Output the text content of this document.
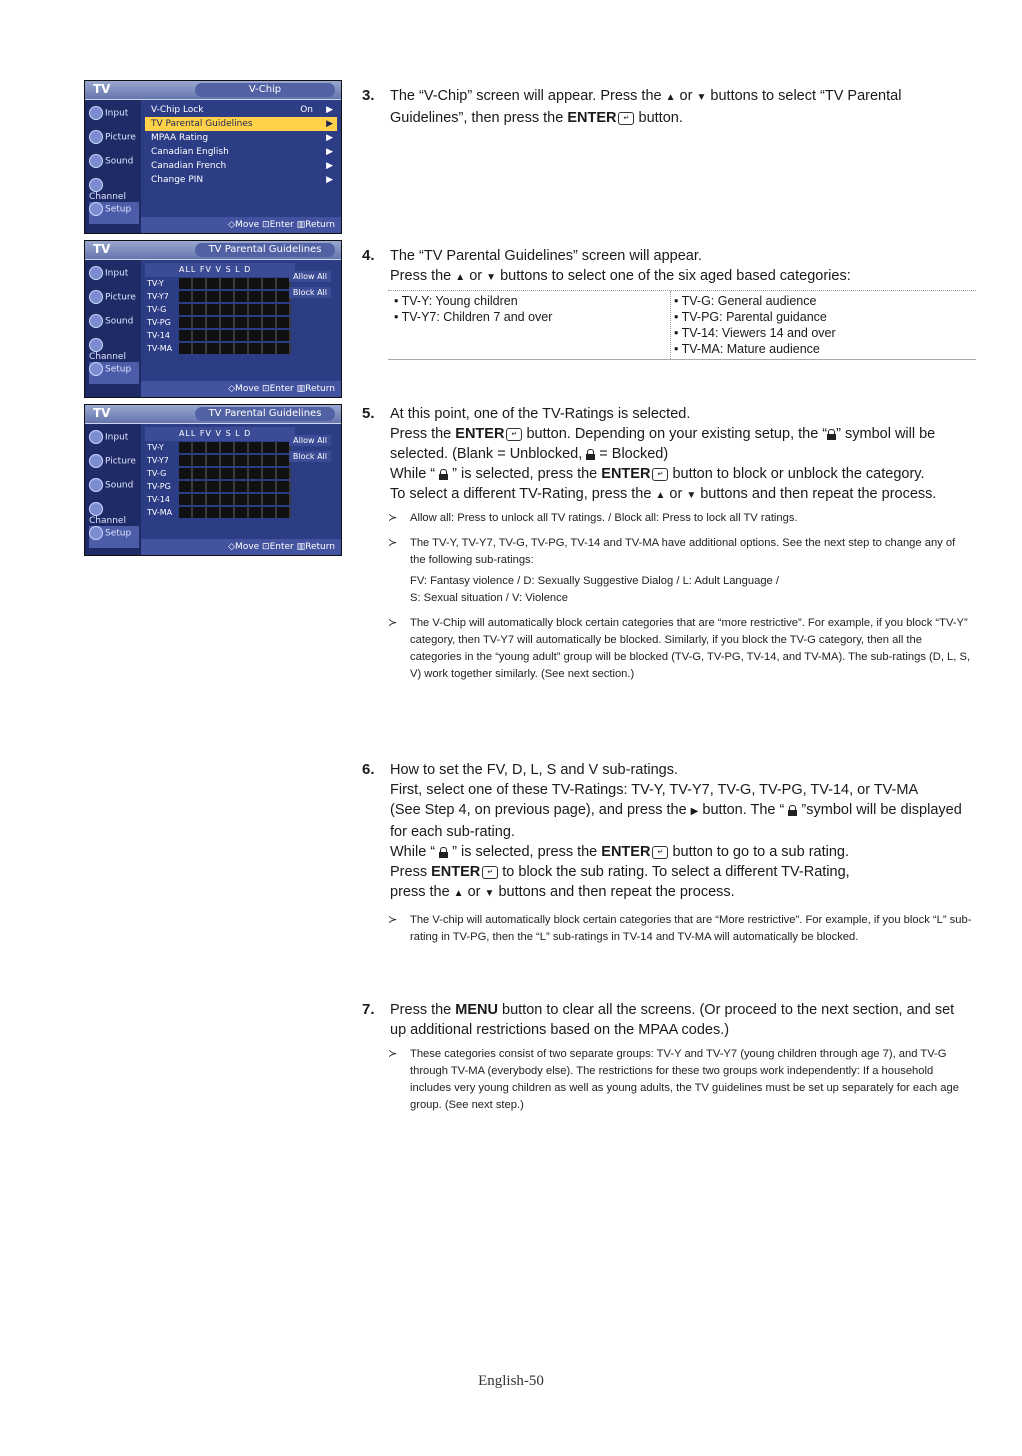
TV	V-Chip
Input
Picture
Sound
Channel
Setup
V-Chip Lock	On ▶
TV Parental Guidelines	▶
MPAA Rating	▶
Canadian English	▶
Canadian French	▶
Change PIN	▶
◇Move ⊡Enter ▥Return
TV	TV Parental Guidelines
Input
Picture
Sound
Channel
Setup
ALL FV V S L D
TV-Y
TV-Y7
TV-G
TV-PG
TV-14
TV-MA
Allow All
Block All
◇Move ⊡Enter ▥Return
TV	TV Parental Guidelines
Input
Picture
Sound
Channel
Setup
ALL FV V S L D
TV-Y
TV-Y7
TV-G
TV-PG
TV-14
TV-MA
Allow All
Block All
◇Move ⊡Enter ▥Return
3. The “V-Chip” screen will appear. Press the ▲ or ▼ buttons to select “TV Parental Guidelines”, then press the ENTER ↵ button.

4. The “TV Parental Guidelines” screen will appear.

Press the ▲ or ▼ buttons to select one of the six aged based categories:

• TV-Y: Young children
• TV-Y7: Children 7 and over
• TV-G: General audience
• TV-PG: Parental guidance
• TV-14: Viewers 14 and over
• TV-MA: Mature audience
5. At this point, one of the TV-Ratings is selected.

Press the ENTER ↵ button. Depending on your existing setup, the “ ” symbol will be selected. (Blank = Unblocked,  = Blocked)

While “  ” is selected, press the ENTER ↵ button to block or unblock the category.

To select a different TV-Rating, press the ▲ or ▼ buttons and then repeat the process.

≻ Allow all: Press to unlock all TV ratings. / Block all: Press to lock all TV ratings.
≻ The TV-Y, TV-Y7, TV-G, TV-PG, TV-14 and TV-MA have additional options. See the next step to change any of the following sub-ratings:
FV: Fantasy violence / D: Sexually Suggestive Dialog / L: Adult Language /
S: Sexual situation / V: Violence
≻ The V-Chip will automatically block certain categories that are “more restrictive”. For example, if you block “TV-Y” category, then TV-Y7 will automatically be blocked. Similarly, if you block the TV-G category, then all the categories in the “young adult” group will be blocked (TV-G, TV-PG, TV-14, and TV-MA). The sub-ratings (D, L, S, V) work together similarly. (See next section.)
6. How to set the FV, D, L, S and V sub-ratings.

First, select one of these TV-Ratings: TV-Y, TV-Y7, TV-G, TV-PG, TV-14, or TV-MA

(See Step 4, on previous page), and press the ▶ button. The “  ”symbol will be displayed for each sub-rating.

While “  ” is selected, press the ENTER ↵ button to go to a sub rating.

Press ENTER ↵ to block the sub rating. To select a different TV-Rating,

press the ▲ or ▼ buttons and then repeat the process.

≻ The V-chip will automatically block certain categories that are “More restrictive”. For example, if you block “L” sub-rating in TV-PG, then the “L” sub-ratings in TV-14 and TV-MA will automatically be blocked.
7. Press the MENU button to clear all the screens. (Or proceed to the next section, and set up additional restrictions based on the MPAA codes.)

≻ These categories consist of two separate groups: TV-Y and TV-Y7 (young children through age 7), and TV-G through TV-MA (everybody else). The restrictions for these two groups work independently: If a household includes very young children as well as young adults, the TV guidelines must be set up separately for each age group. (See next step.)
English-50
